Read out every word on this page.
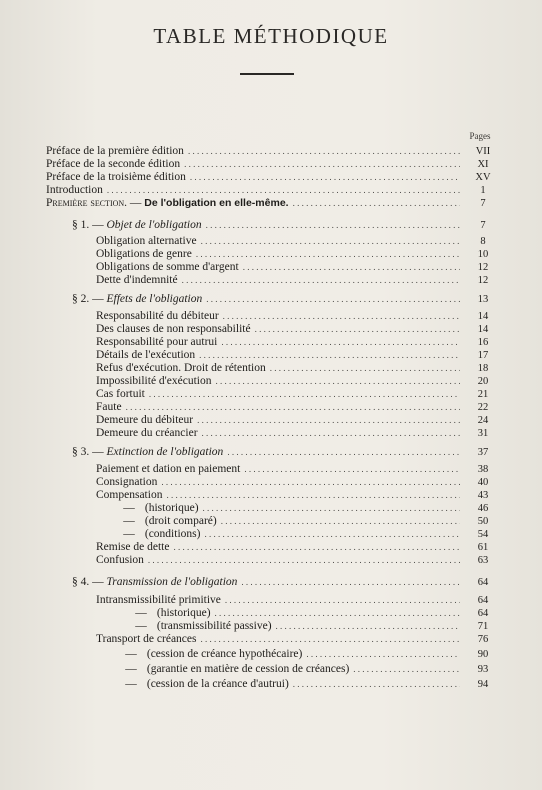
TABLE MÉTHODIQUE
Pages
Préface de la première édition . . .	VII
Préface de la seconde édition . . .	XI
Préface de la troisième édition . . .	XV
Introduction . . .	1
Première section. — De l'obligation en elle-même. . . .	7
§ 1. — Objet de l'obligation . . .	7
Obligation alternative . . .	8
Obligations de genre . . .	10
Obligations de somme d'argent . . .	12
Dette d'indemnité . . .	12
§ 2. — Effets de l'obligation . . .	13
Responsabilité du débiteur . . .	14
Des clauses de non responsabilité . . .	14
Responsabilité pour autrui . . .	16
Détails de l'exécution . . .	17
Refus d'exécution. Droit de rétention . . .	18
Impossibilité d'exécution . . .	20
Cas fortuit . . .	21
Faute . . .	22
Demeure du débiteur . . .	24
Demeure du créancier . . .	31
§ 3. — Extinction de l'obligation . . .	37
Paiement et dation en paiement . . .	38
Consignation . . .	40
Compensation . . .	43
— (historique) . . .	46
— (droit comparé) . . .	50
— (conditions) . . .	54
Remise de dette . . .	61
Confusion . . .	63
§ 4. — Transmission de l'obligation . . .	64
Intransmissibilité primitive . . .	64
— (historique) . . .	64
— (transmissibilité passive) . . .	71
Transport de créances . . .	76
— (cession de créance hypothécaire) . . .	90
— (garantie en matière de cession de créances) . . .	93
— (cession de la créance d'autrui) . . .	94
